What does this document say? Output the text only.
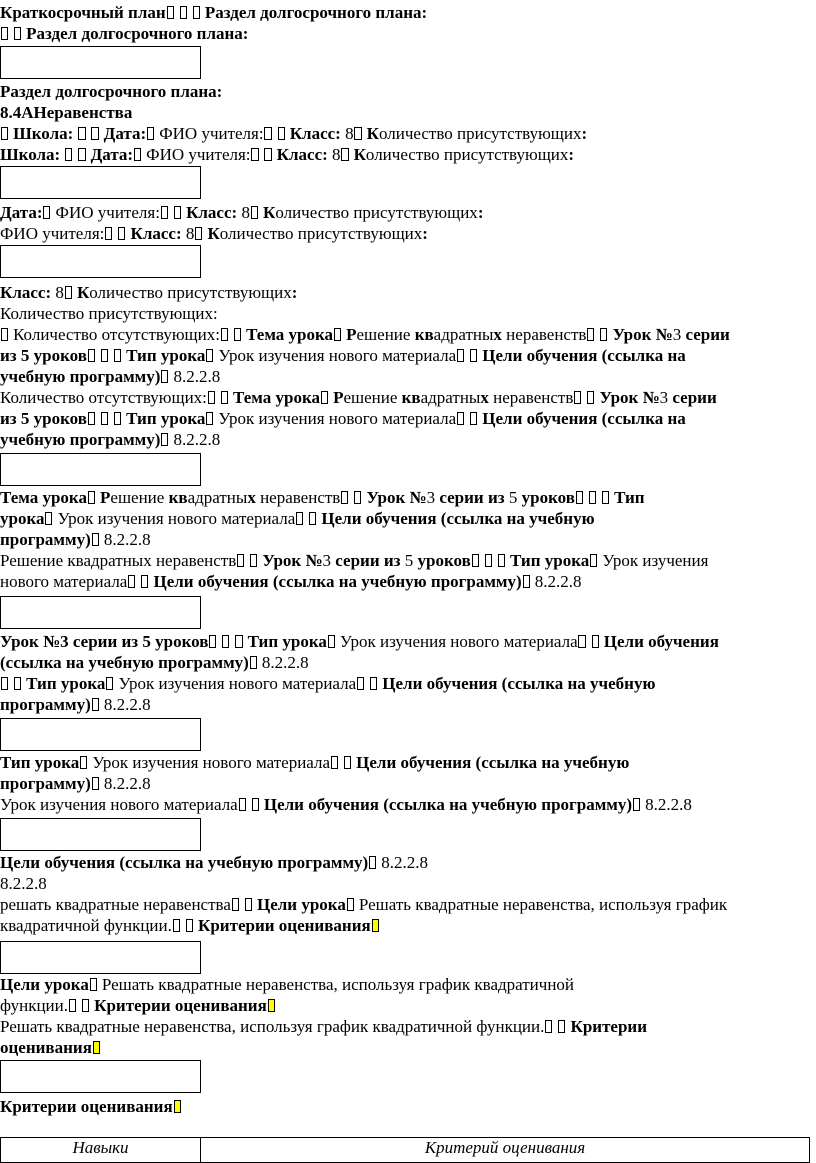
Краткосрочный план   Раздел долгосрочного плана:
Раздел долгосрочного плана:
Раздел долгосрочного плана:
8.4АНеравенства
Школа:   Дата: ФИО учителя:  Класс: 8 Количество присутствующих:
Школа:   Дата: ФИО учителя:  Класс: 8 Количество присутствующих:
Дата: ФИО учителя:  Класс: 8 Количество присутствующих:
ФИО учителя:  Класс: 8 Количество присутствующих:
Класс: 8 Количество присутствующих:
Количество присутствующих:
Количество отсутствующих:  Тема урока Решение квадратных неравенств  Урок №3 серии
из 5 уроков   Тип урока Урок изучения нового материала  Цели обучения (ссылка на
учебную программу) 8.2.2.8
Количество отсутствующих:  Тема урока Решение квадратных неравенств  Урок №3 серии
из 5 уроков   Тип урока Урок изучения нового материала  Цели обучения (ссылка на
учебную программу) 8.2.2.8
Тема урока Решение квадратных неравенств  Урок №3 серии из 5 уроков   Тип
урока Урок изучения нового материала  Цели обучения (ссылка на учебную
программу) 8.2.2.8
Решение квадратных неравенств  Урок №3 серии из 5 уроков   Тип урока Урок изучения
нового материала  Цели обучения (ссылка на учебную программу) 8.2.2.8
Урок №3 серии из 5 уроков   Тип урока Урок изучения нового материала  Цели обучения
(ссылка на учебную программу) 8.2.2.8
Тип урока Урок изучения нового материала  Цели обучения (ссылка на учебную
программу) 8.2.2.8
Тип урока Урок изучения нового материала  Цели обучения (ссылка на учебную
программу) 8.2.2.8
Урок изучения нового материала  Цели обучения (ссылка на учебную программу) 8.2.2.8
Цели обучения (ссылка на учебную программу) 8.2.2.8
8.2.2.8
решать квадратные неравенства  Цели урока Решать квадратные неравенства, используя график
квадратичной функции.  Критерии оценивания
Цели урока Решать квадратные неравенства, используя график квадратичной
функции.  Критерии оценивания
Решать квадратные неравенства, используя график квадратичной функции.  Критерии
оценивания
Критерии оценивания
Навыки	Критерий оценивания
